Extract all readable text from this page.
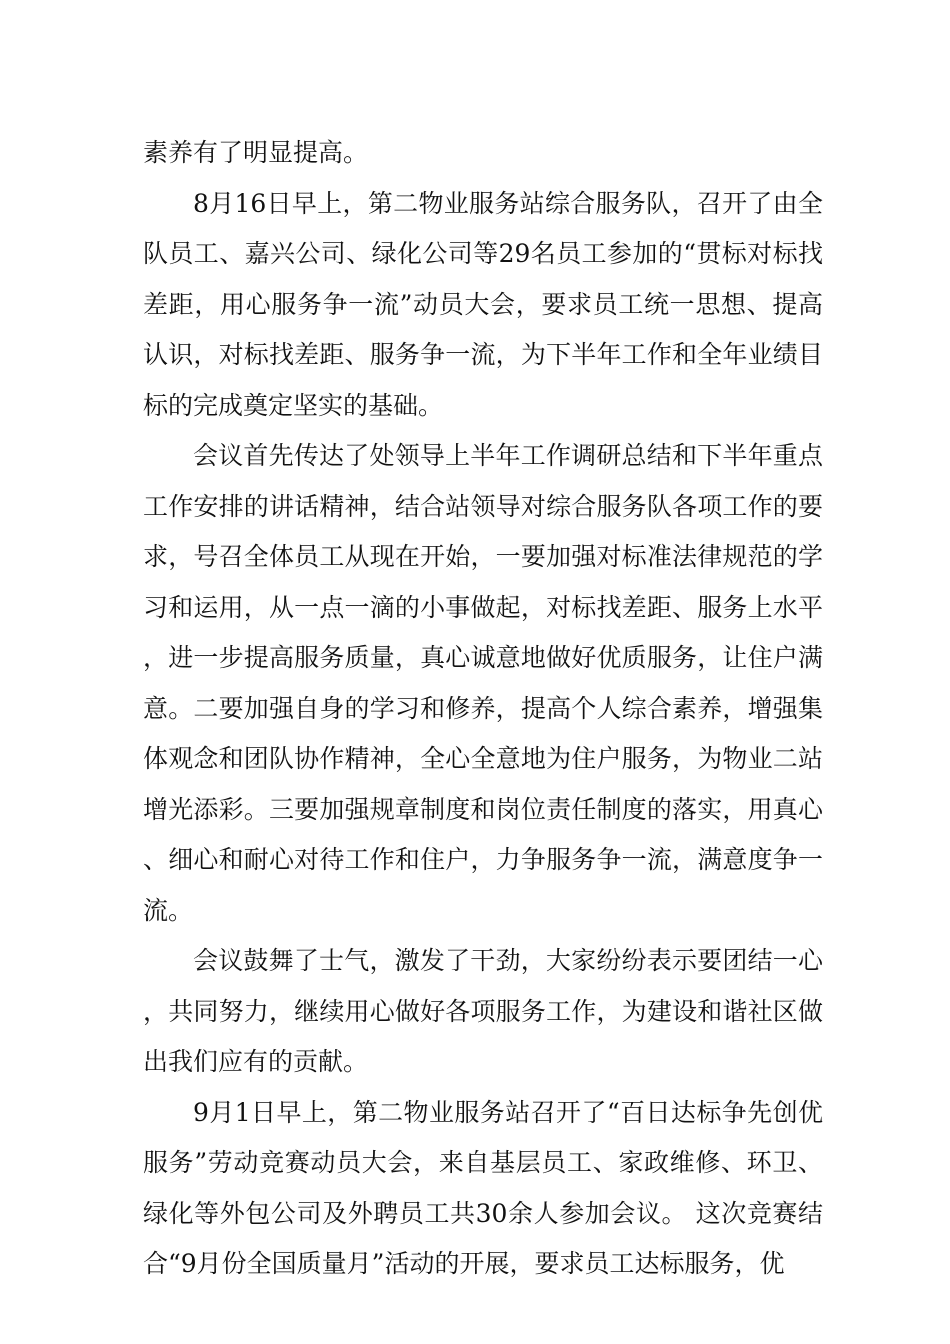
素养有了明显提高。

8月16日早上，第二物业服务站综合服务队，召开了由全队员工、嘉兴公司、绿化公司等29名员工参加的“贯标对标找差距，用心服务争一流”动员大会，要求员工统一思想、提高认识，对标找差距、服务争一流，为下半年工作和全年业绩目标的完成奠定坚实的基础。

会议首先传达了处领导上半年工作调研总结和下半年重点工作安排的讲话精神，结合站领导对综合服务队各项工作的要求，号召全体员工从现在开始，一要加强对标准法律规范的学习和运用，从一点一滴的小事做起，对标找差距、服务上水平，进一步提高服务质量，真心诚意地做好优质服务，让住户满意。二要加强自身的学习和修养，提高个人综合素养，增强集体观念和团队协作精神，全心全意地为住户服务，为物业二站增光添彩。三要加强规章制度和岗位责任制度的落实，用真心、细心和耐心对待工作和住户，力争服务争一流，满意度争一流。

会议鼓舞了士气，激发了干劲，大家纷纷表示要团结一心，共同努力，继续用心做好各项服务工作，为建设和谐社区做出我们应有的贡献。

9月1日早上，第二物业服务站召开了“百日达标争先创优服务”劳动竞赛动员大会，来自基层员工、家政维修、环卫、绿化等外包公司及外聘员工共30余人参加会议。 这次竞赛结合“9月份全国质量月”活动的开展，要求员工达标服务，优
